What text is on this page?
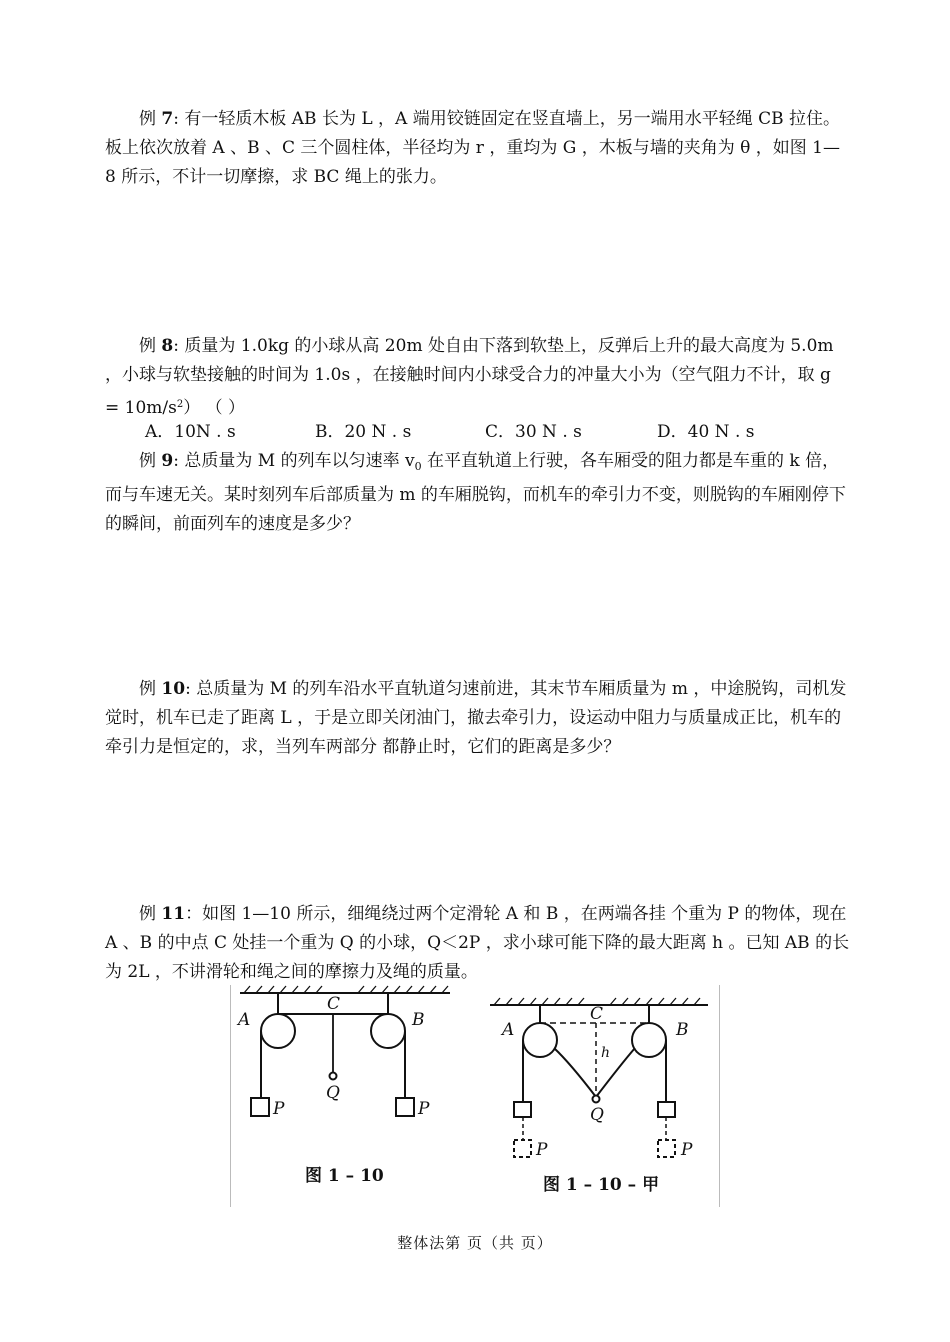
例 7: 有一轻质木板 AB 长为 L ，A 端用铰链固定在竖直墙上，另一端用水平轻绳 CB 拉住。板上依次放着 A 、B 、C 三个圆柱体，半径均为 r ，重均为 G ，木板与墙的夹角为 θ ，如图 1—8 所示，不计一切摩擦，求 BC 绳上的张力。

例 8: 质量为 1.0kg 的小球从高 20m 处自由下落到软垫上，反弹后上升的最大高度为 5.0m ，小球与软垫接触的时间为 1.0s ，在接触时间内小球受合力的冲量大小为（空气阻力不计，取 $g = 10m/s^2$） （ ）

A．10N . s	B．20 N . s	C．30 N . s	D．40 N . s

例 9: 总质量为 M 的列车以匀速率 $v_0$ 在平直轨道上行驶，各车厢受的阻力都是车重的 k 倍，而与车速无关。某时刻列车后部质量为 m 的车厢脱钩，而机车的牵引力不变，则脱钩的车厢刚停下的瞬间，前面列车的速度是多少？

例 10: 总质量为 M 的列车沿水平直轨道匀速前进，其末节车厢质量为 m ，中途脱钩，司机发觉时，机车已走了距离 L ，于是立即关闭油门，撤去牵引力，设运动中阻力与质量成正比，机车的牵引力是恒定的，求，当列车两部分 都静止时，它们的距离是多少？

例 11：如图 1—10 所示，细绳绕过两个定滑轮 A 和 B ，在两端各挂 个重为 P 的物体，现在 A 、B 的中点 C 处挂一个重为 Q 的小球，Q＜2P ，求小球可能下降的最大距离 h 。已知 AB 的长为 2L ，不讲滑轮和绳之间的摩擦力及绳的质量。

A	B
C
Q
P	P
图 1 – 10
A	B
C
h
Q
P	P
图 1 – 10 – 甲
整体法第 页（共 页）
